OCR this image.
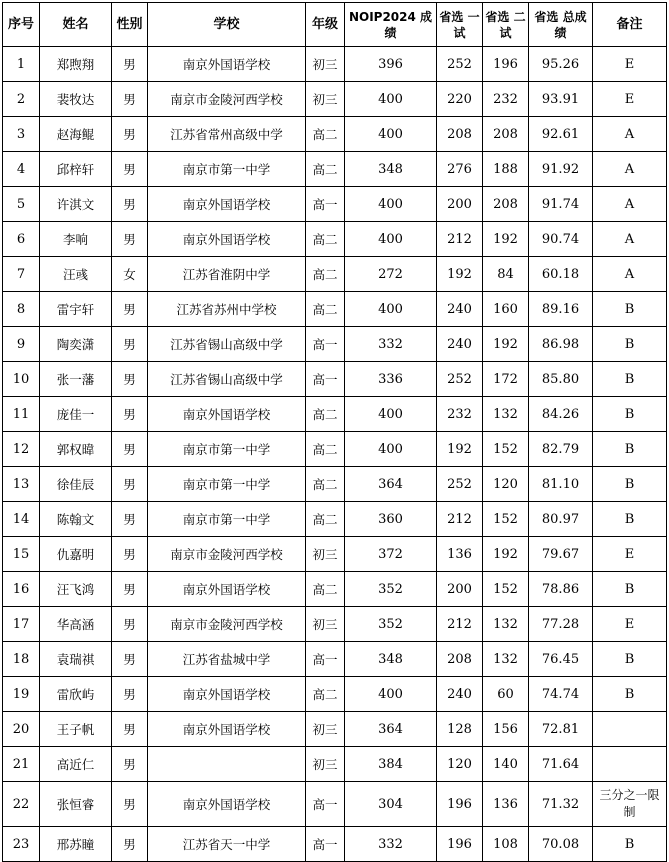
序号	姓名	性别	学校	年级	NOIP2024 成绩	省选 一试	省选 二试	省选 总成绩	备注
1	郑煦翔	男	南京外国语学校	初三	396	252	196	95.26	E
2	裴牧达	男	南京市金陵河西学校	初三	400	220	232	93.91	E
3	赵海鲲	男	江苏省常州高级中学	高二	400	208	208	92.61	A
4	邱梓轩	男	南京市第一中学	高二	348	276	188	91.92	A
5	许淇文	男	南京外国语学校	高一	400	200	208	91.74	A
6	李响	男	南京外国语学校	高二	400	212	192	90.74	A
7	汪彧	女	江苏省淮阴中学	高二	272	192	84	60.18	A
8	雷宇轩	男	江苏省苏州中学校	高二	400	240	160	89.16	B
9	陶奕潇	男	江苏省锡山高级中学	高一	332	240	192	86.98	B
10	张一藩	男	江苏省锡山高级中学	高一	336	252	172	85.80	B
11	庞佳一	男	南京外国语学校	高二	400	232	132	84.26	B
12	郭权暐	男	南京市第一中学	高二	400	192	152	82.79	B
13	徐佳辰	男	南京市第一中学	高二	364	252	120	81.10	B
14	陈翰文	男	南京市第一中学	高二	360	212	152	80.97	B
15	仇嘉明	男	南京市金陵河西学校	初三	372	136	192	79.67	E
16	汪飞鸿	男	南京外国语学校	高二	352	200	152	78.86	B
17	华高涵	男	南京市金陵河西学校	初三	352	212	132	77.28	E
18	袁瑞祺	男	江苏省盐城中学	高一	348	208	132	76.45	B
19	雷欣屿	男	南京外国语学校	高二	400	240	60	74.74	B
20	王子帆	男	南京外国语学校	初三	364	128	156	72.81	
21	高近仁	男		初三	384	120	140	71.64	
22	张恒睿	男	南京外国语学校	高一	304	196	136	71.32	三分之一限制
23	邢苏瞳	男	江苏省天一中学	高一	332	196	108	70.08	B
